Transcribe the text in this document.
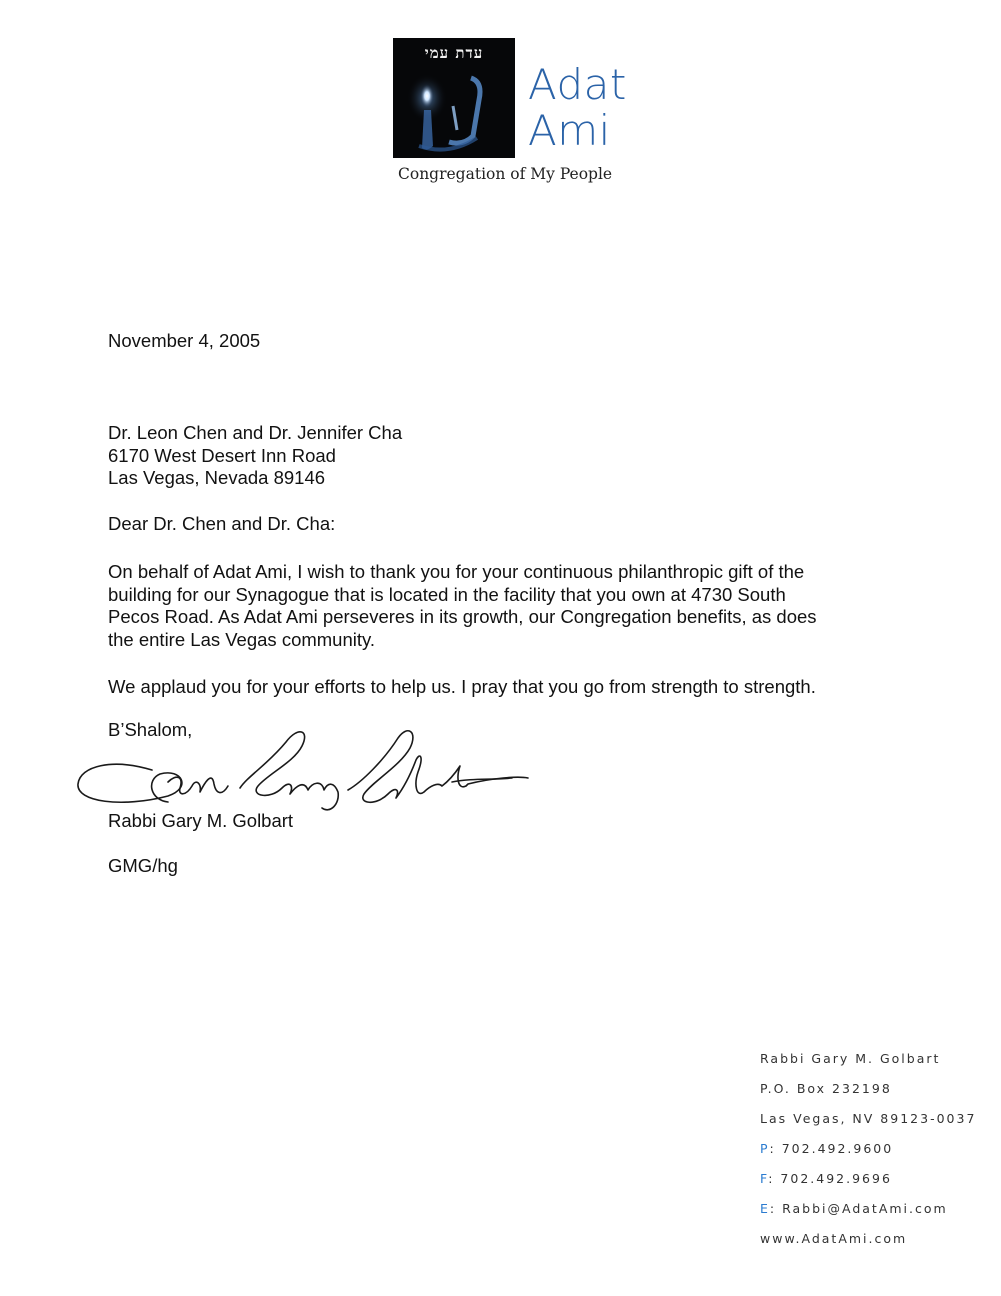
עדת עמי
Adat
Ami
Congregation of My People
November 4, 2005
Dr. Leon Chen and Dr. Jennifer Cha
6170 West Desert Inn Road
Las Vegas, Nevada 89146
Dear Dr. Chen and Dr. Cha:
On behalf of Adat Ami, I wish to thank you for your continuous philanthropic gift of the
building for our Synagogue that is located in the facility that you own at 4730 South
Pecos Road. As Adat Ami perseveres in its growth, our Congregation benefits, as does
the entire Las Vegas community.
We applaud you for your efforts to help us. I pray that you go from strength to strength.
B’Shalom,
Rabbi Gary M. Golbart
GMG/hg
Rabbi Gary M. Golbart
P.O. Box 232198
Las Vegas, NV 89123-0037
P: 702.492.9600
F: 702.492.9696
E: Rabbi@AdatAmi.com
www.AdatAmi.com
